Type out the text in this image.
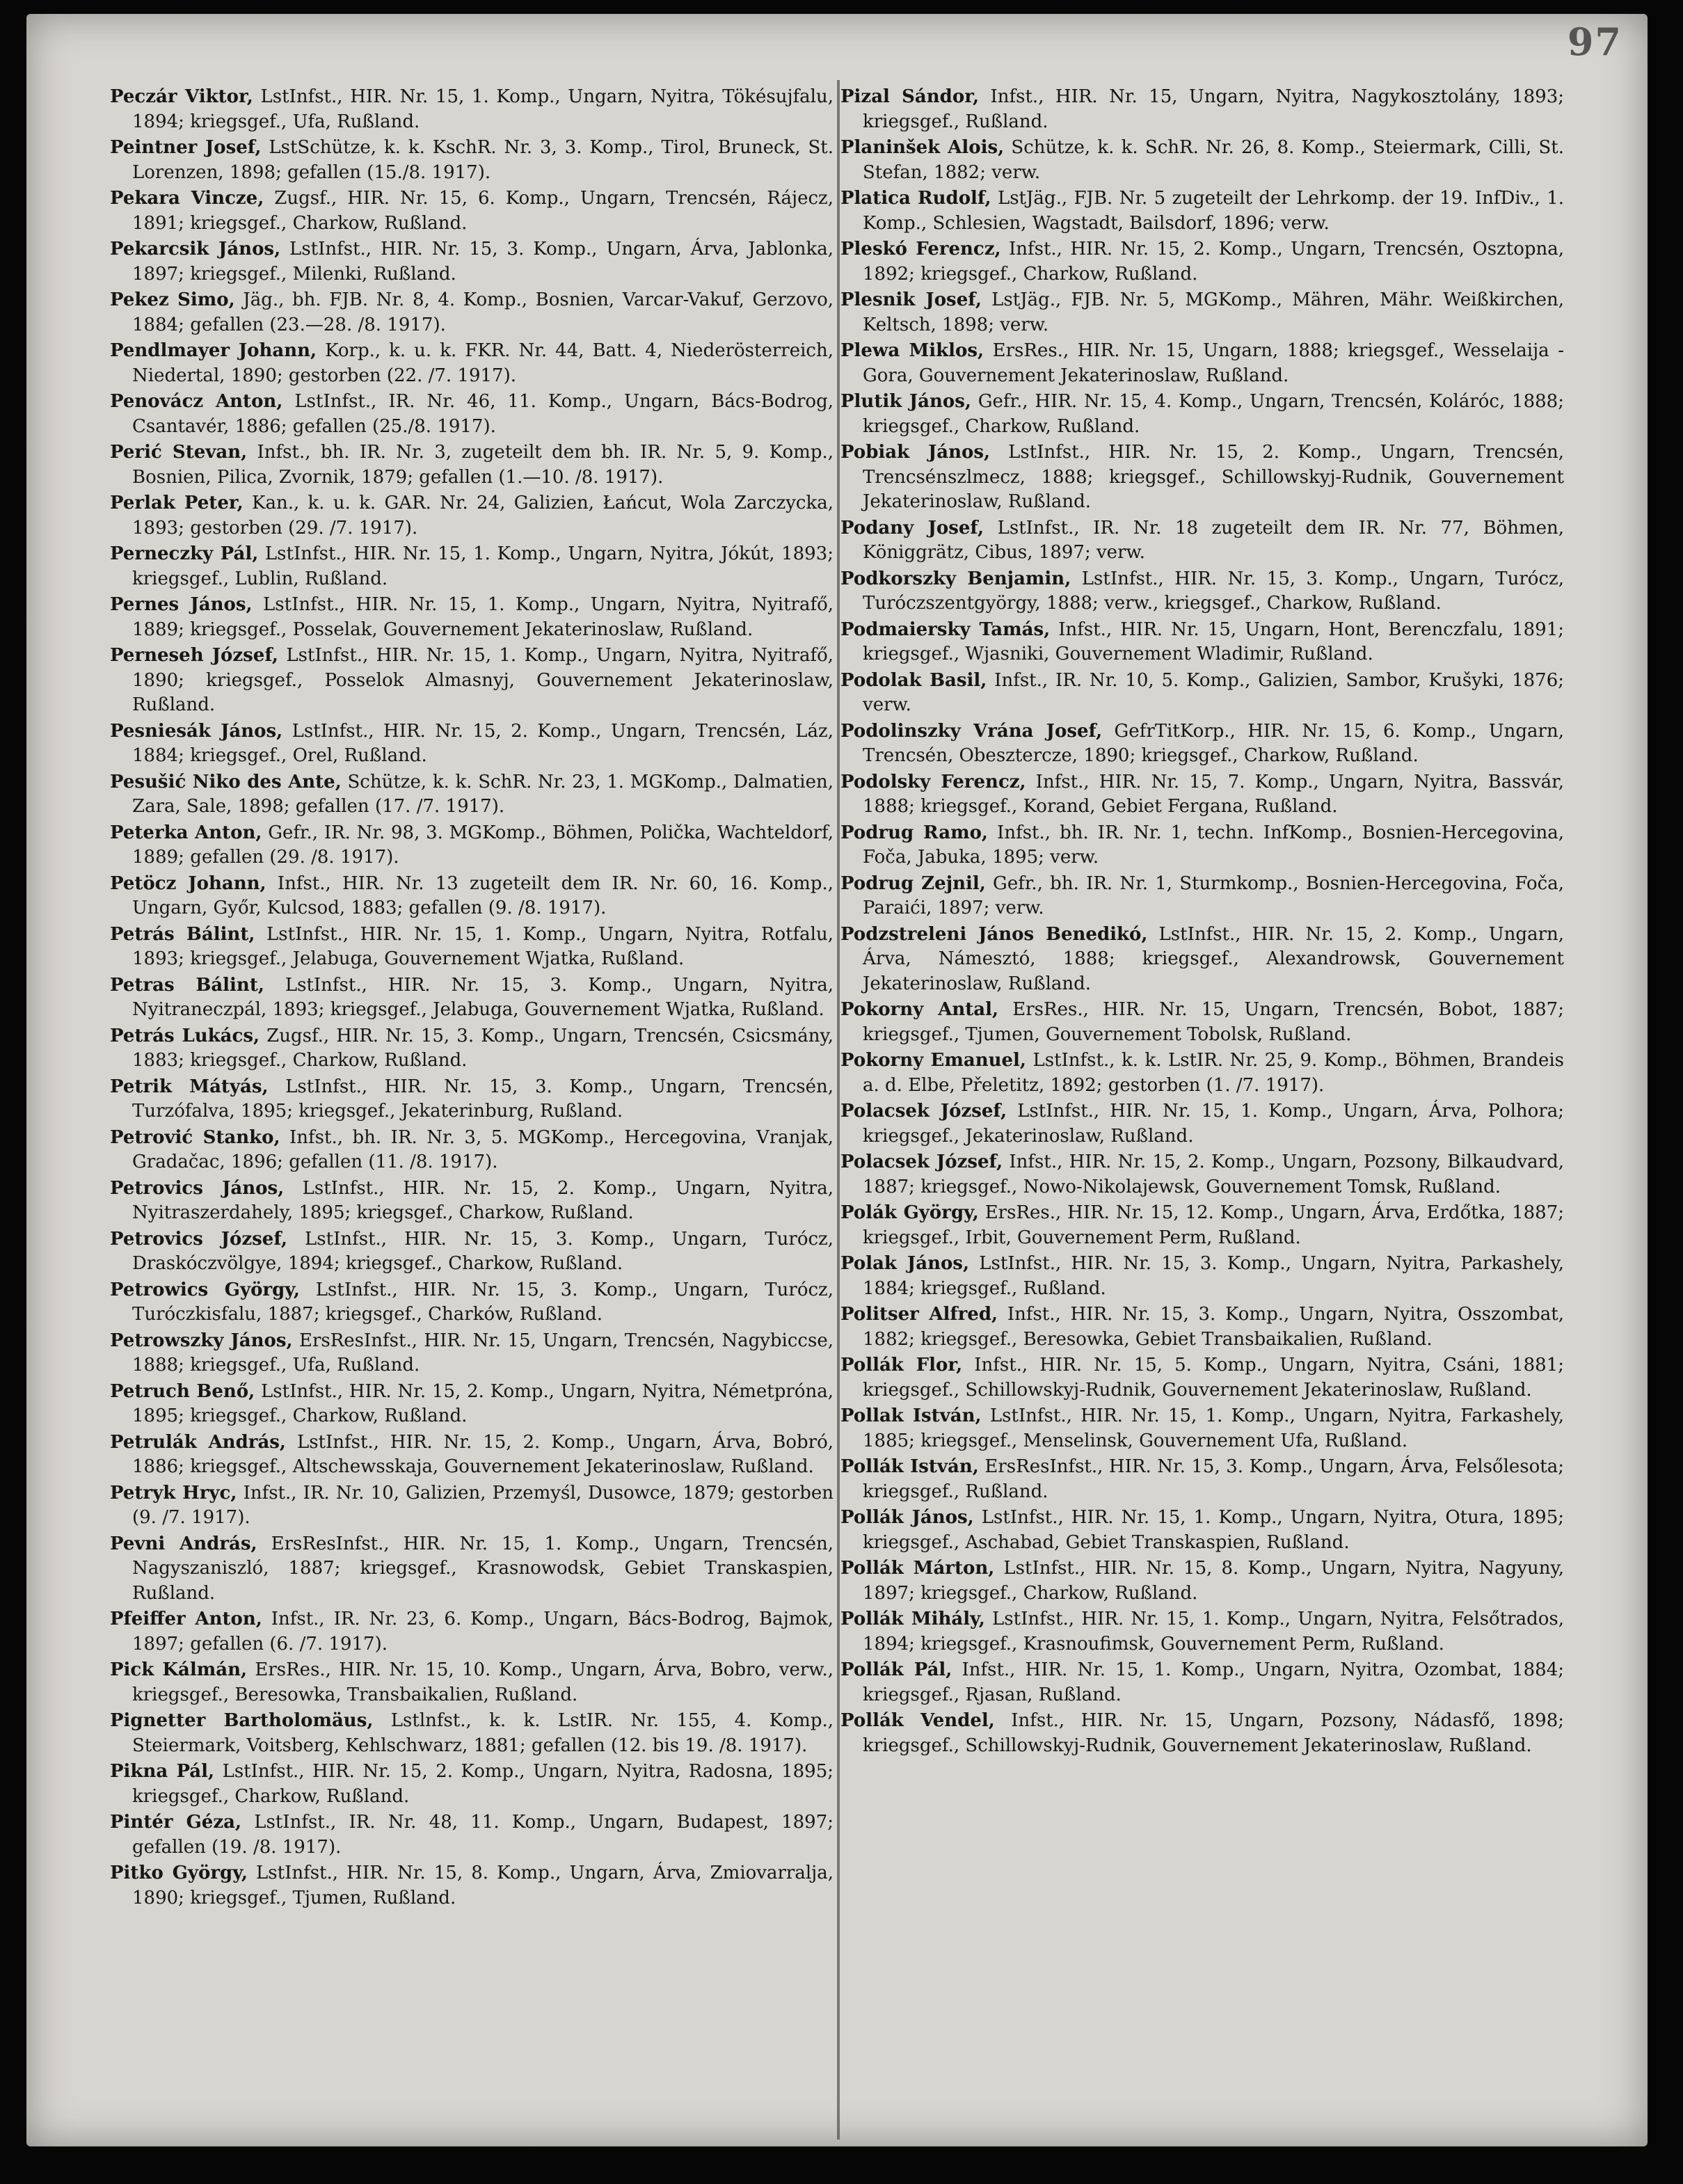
97

Peczár Viktor, LstInfst., HIR. Nr. 15, 1. Komp., Ungarn, Nyitra, Tökésujfalu, 1894; kriegsgef., Ufa, Rußland.

Peintner Josef, LstSchütze, k. k. KschR. Nr. 3, 3. Komp., Tirol, Bruneck, St. Lorenzen, 1898; gefallen (15./8. 1917).

Pekara Vincze, Zugsf., HIR. Nr. 15, 6. Komp., Ungarn, Trencsén, Rájecz, 1891; kriegsgef., Charkow, Rußland.

Pekarcsik János, LstInfst., HIR. Nr. 15, 3. Komp., Ungarn, Árva, Jablonka, 1897; kriegsgef., Milenki, Rußland.

Pekez Simo, Jäg., bh. FJB. Nr. 8, 4. Komp., Bosnien, Varcar-Vakuf, Gerzovo, 1884; gefallen (23.—28. /8. 1917).

Pendlmayer Johann, Korp., k. u. k. FKR. Nr. 44, Batt. 4, Niederösterreich, Niedertal, 1890; gestorben (22. /7. 1917).

Penovácz Anton, LstInfst., IR. Nr. 46, 11. Komp., Ungarn, Bács-Bodrog, Csantavér, 1886; gefallen (25./8. 1917).

Perić Stevan, Infst., bh. IR. Nr. 3, zugeteilt dem bh. IR. Nr. 5, 9. Komp., Bosnien, Pilica, Zvornik, 1879; gefallen (1.—10. /8. 1917).

Perlak Peter, Kan., k. u. k. GAR. Nr. 24, Galizien, Łańcut, Wola Zarczycka, 1893; gestorben (29. /7. 1917).

Perneczky Pál, LstInfst., HIR. Nr. 15, 1. Komp., Ungarn, Nyitra, Jókút, 1893; kriegsgef., Lublin, Rußland.

Pernes János, LstInfst., HIR. Nr. 15, 1. Komp., Ungarn, Nyitra, Nyitrafő, 1889; kriegsgef., Posselak, Gouvernement Jekaterinoslaw, Rußland.

Perneseh József, LstInfst., HIR. Nr. 15, 1. Komp., Ungarn, Nyitra, Nyitrafő, 1890; kriegsgef., Posselok Almasnyj, Gouvernement Jekaterinoslaw, Rußland.

Pesniesák János, LstInfst., HIR. Nr. 15, 2. Komp., Ungarn, Trencsén, Láz, 1884; kriegsgef., Orel, Rußland.

Pesušić Niko des Ante, Schütze, k. k. SchR. Nr. 23, 1. MGKomp., Dalmatien, Zara, Sale, 1898; gefallen (17. /7. 1917).

Peterka Anton, Gefr., IR. Nr. 98, 3. MGKomp., Böhmen, Polička, Wachteldorf, 1889; gefallen (29. /8. 1917).

Petöcz Johann, Infst., HIR. Nr. 13 zugeteilt dem IR. Nr. 60, 16. Komp., Ungarn, Győr, Kulcsod, 1883; gefallen (9. /8. 1917).

Petrás Bálint, LstInfst., HIR. Nr. 15, 1. Komp., Ungarn, Nyitra, Rotfalu, 1893; kriegsgef., Jelabuga, Gouvernement Wjatka, Rußland.

Petras Bálint, LstInfst., HIR. Nr. 15, 3. Komp., Ungarn, Nyitra, Nyitraneczpál, 1893; kriegsgef., Jelabuga, Gouvernement Wjatka, Rußland.

Petrás Lukács, Zugsf., HIR. Nr. 15, 3. Komp., Ungarn, Trencsén, Csicsmány, 1883; kriegsgef., Charkow, Rußland.

Petrik Mátyás, LstInfst., HIR. Nr. 15, 3. Komp., Ungarn, Trencsén, Turzófalva, 1895; kriegsgef., Jekaterinburg, Rußland.

Petrović Stanko, Infst., bh. IR. Nr. 3, 5. MGKomp., Hercegovina, Vranjak, Gradačac, 1896; gefallen (11. /8. 1917).

Petrovics János, LstInfst., HIR. Nr. 15, 2. Komp., Ungarn, Nyitra, Nyitraszerdahely, 1895; kriegsgef., Charkow, Rußland.

Petrovics József, LstInfst., HIR. Nr. 15, 3. Komp., Ungarn, Turócz, Draskóczvölgye, 1894; kriegsgef., Charkow, Rußland.

Petrowics György, LstInfst., HIR. Nr. 15, 3. Komp., Ungarn, Turócz, Turóczkisfalu, 1887; kriegsgef., Charków, Rußland.

Petrowszky János, ErsResInfst., HIR. Nr. 15, Ungarn, Trencsén, Nagybiccse, 1888; kriegsgef., Ufa, Rußland.

Petruch Benő, LstInfst., HIR. Nr. 15, 2. Komp., Ungarn, Nyitra, Németpróna, 1895; kriegsgef., Charkow, Rußland.

Petrulák András, LstInfst., HIR. Nr. 15, 2. Komp., Ungarn, Árva, Bobró, 1886; kriegsgef., Altschewsskaja, Gouvernement Jekaterinoslaw, Rußland.

Petryk Hryc, Infst., IR. Nr. 10, Galizien, Przemyśl, Dusowce, 1879; gestorben (9. /7. 1917).

Pevni András, ErsResInfst., HIR. Nr. 15, 1. Komp., Ungarn, Trencsén, Nagyszaniszló, 1887; kriegsgef., Krasnowodsk, Gebiet Transkaspien, Rußland.

Pfeiffer Anton, Infst., IR. Nr. 23, 6. Komp., Ungarn, Bács-Bodrog, Bajmok, 1897; gefallen (6. /7. 1917).

Pick Kálmán, ErsRes., HIR. Nr. 15, 10. Komp., Ungarn, Árva, Bobro, verw., kriegsgef., Beresowka, Transbaikalien, Rußland.

Pignetter Bartholomäus, Lstlnfst., k. k. LstIR. Nr. 155, 4. Komp., Steiermark, Voitsberg, Kehlschwarz, 1881; gefallen (12. bis 19. /8. 1917).

Pikna Pál, LstInfst., HIR. Nr. 15, 2. Komp., Ungarn, Nyitra, Radosna, 1895; kriegsgef., Charkow, Rußland.

Pintér Géza, LstInfst., IR. Nr. 48, 11. Komp., Ungarn, Budapest, 1897; gefallen (19. /8. 1917).

Pitko György, LstInfst., HIR. Nr. 15, 8. Komp., Ungarn, Árva, Zmiovarralja, 1890; kriegsgef., Tjumen, Rußland.

Pizal Sándor, Infst., HIR. Nr. 15, Ungarn, Nyitra, Nagykosztolány, 1893; kriegsgef., Rußland.

Planinšek Alois, Schütze, k. k. SchR. Nr. 26, 8. Komp., Steiermark, Cilli, St. Stefan, 1882; verw.

Platica Rudolf, LstJäg., FJB. Nr. 5 zugeteilt der Lehrkomp. der 19. InfDiv., 1. Komp., Schlesien, Wagstadt, Bailsdorf, 1896; verw.

Pleskó Ferencz, Infst., HIR. Nr. 15, 2. Komp., Ungarn, Trencsén, Osztopna, 1892; kriegsgef., Charkow, Rußland.

Plesnik Josef, LstJäg., FJB. Nr. 5, MGKomp., Mähren, Mähr. Weißkirchen, Keltsch, 1898; verw.

Plewa Miklos, ErsRes., HIR. Nr. 15, Ungarn, 1888; kriegsgef., Wesselaija -Gora, Gouvernement Jekaterinoslaw, Rußland.

Plutik János, Gefr., HIR. Nr. 15, 4. Komp., Ungarn, Trencsén, Koláróc, 1888; kriegsgef., Charkow, Rußland.

Pobiak János, LstInfst., HIR. Nr. 15, 2. Komp., Ungarn, Trencsén, Trencsénszlmecz, 1888; kriegsgef., Schillowskyj-Rudnik, Gouvernement Jekaterinoslaw, Rußland.

Podany Josef, LstInfst., IR. Nr. 18 zugeteilt dem IR. Nr. 77, Böhmen, Königgrätz, Cibus, 1897; verw.

Podkorszky Benjamin, LstInfst., HIR. Nr. 15, 3. Komp., Ungarn, Turócz, Turóczszentgyörgy, 1888; verw., kriegsgef., Charkow, Rußland.

Podmaiersky Tamás, Infst., HIR. Nr. 15, Ungarn, Hont, Berenczfalu, 1891; kriegsgef., Wjasniki, Gouvernement Wladimir, Rußland.

Podolak Basil, Infst., IR. Nr. 10, 5. Komp., Galizien, Sambor, Krušyki, 1876; verw.

Podolinszky Vrána Josef, GefrTitKorp., HIR. Nr. 15, 6. Komp., Ungarn, Trencsén, Obesztercze, 1890; kriegsgef., Charkow, Rußland.

Podolsky Ferencz, Infst., HIR. Nr. 15, 7. Komp., Ungarn, Nyitra, Bassvár, 1888; kriegsgef., Korand, Gebiet Fergana, Rußland.

Podrug Ramo, Infst., bh. IR. Nr. 1, techn. InfKomp., Bosnien-Hercegovina, Foča, Jabuka, 1895; verw.

Podrug Zejnil, Gefr., bh. IR. Nr. 1, Sturmkomp., Bosnien-Hercegovina, Foča, Paraići, 1897; verw.

Podzstreleni János Benedikó, LstInfst., HIR. Nr. 15, 2. Komp., Ungarn, Árva, Námesztó, 1888; kriegsgef., Alexandrowsk, Gouvernement Jekaterinoslaw, Rußland.

Pokorny Antal, ErsRes., HIR. Nr. 15, Ungarn, Trencsén, Bobot, 1887; kriegsgef., Tjumen, Gouvernement Tobolsk, Rußland.

Pokorny Emanuel, LstInfst., k. k. LstIR. Nr. 25, 9. Komp., Böhmen, Brandeis a. d. Elbe, Přeletitz, 1892; gestorben (1. /7. 1917).

Polacsek József, LstInfst., HIR. Nr. 15, 1. Komp., Ungarn, Árva, Polhora; kriegsgef., Jekaterinoslaw, Rußland.

Polacsek József, Infst., HIR. Nr. 15, 2. Komp., Ungarn, Pozsony, Bilkaudvard, 1887; kriegsgef., Nowo-Nikolajewsk, Gouvernement Tomsk, Rußland.

Polák György, ErsRes., HIR. Nr. 15, 12. Komp., Ungarn, Árva, Erdőtka, 1887; kriegsgef., Irbit, Gouvernement Perm, Rußland.

Polak János, LstInfst., HIR. Nr. 15, 3. Komp., Ungarn, Nyitra, Parkashely, 1884; kriegsgef., Rußland.

Politser Alfred, Infst., HIR. Nr. 15, 3. Komp., Ungarn, Nyitra, Osszombat, 1882; kriegsgef., Beresowka, Gebiet Transbaikalien, Rußland.

Pollák Flor, Infst., HIR. Nr. 15, 5. Komp., Ungarn, Nyitra, Csáni, 1881; kriegsgef., Schillowskyj-Rudnik, Gouvernement Jekaterinoslaw, Rußland.

Pollak István, LstInfst., HIR. Nr. 15, 1. Komp., Ungarn, Nyitra, Farkashely, 1885; kriegsgef., Menselinsk, Gouvernement Ufa, Rußland.

Pollák István, ErsResInfst., HIR. Nr. 15, 3. Komp., Ungarn, Árva, Felsőlesota; kriegsgef., Rußland.

Pollák János, LstInfst., HIR. Nr. 15, 1. Komp., Ungarn, Nyitra, Otura, 1895; kriegsgef., Aschabad, Gebiet Transkaspien, Rußland.

Pollák Márton, LstInfst., HIR. Nr. 15, 8. Komp., Ungarn, Nyitra, Nagyuny, 1897; kriegsgef., Charkow, Rußland.

Pollák Mihály, LstInfst., HIR. Nr. 15, 1. Komp., Ungarn, Nyitra, Felsőtrados, 1894; kriegsgef., Krasnoufimsk, Gouvernement Perm, Rußland.

Pollák Pál, Infst., HIR. Nr. 15, 1. Komp., Ungarn, Nyitra, Ozombat, 1884; kriegsgef., Rjasan, Rußland.

Pollák Vendel, Infst., HIR. Nr. 15, Ungarn, Pozsony, Nádasfő, 1898; kriegsgef., Schillowskyj-Rudnik, Gouvernement Jekaterinoslaw, Rußland.
